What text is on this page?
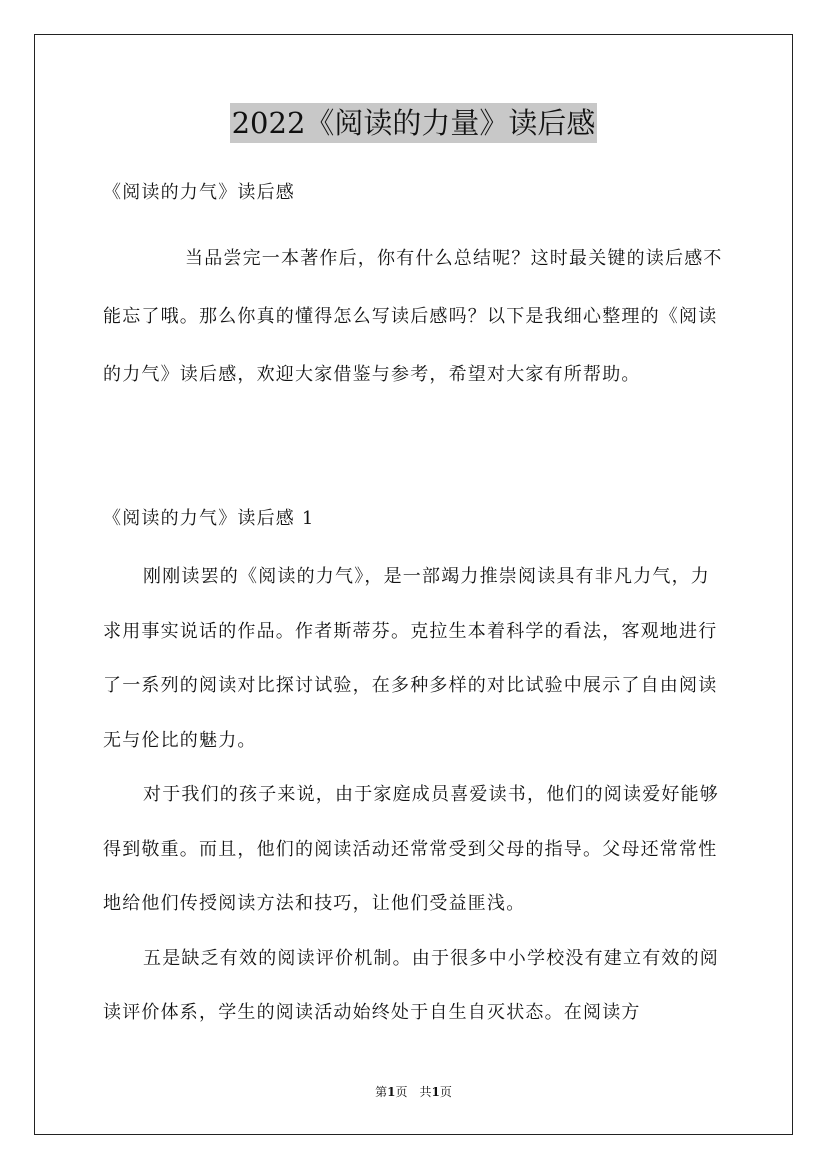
2022《阅读的力量》读后感
《阅读的力气》读后感
当品尝完一本著作后，你有什么总结呢？这时最关键的读后感不能忘了哦。那么你真的懂得怎么写读后感吗？以下是我细心整理的《阅读的力气》读后感，欢迎大家借鉴与参考，希望对大家有所帮助。
《阅读的力气》读后感 1

刚刚读罢的《阅读的力气》，是一部竭力推崇阅读具有非凡力气，力求用事实说话的作品。作者斯蒂芬。克拉生本着科学的看法，客观地进行了一系列的阅读对比探讨试验，在多种多样的对比试验中展示了自由阅读无与伦比的魅力。

对于我们的孩子来说，由于家庭成员喜爱读书，他们的阅读爱好能够得到敬重。而且，他们的阅读活动还常常受到父母的指导。父母还常常性地给他们传授阅读方法和技巧，让他们受益匪浅。

五是缺乏有效的阅读评价机制。由于很多中小学校没有建立有效的阅读评价体系，学生的阅读活动始终处于自生自灭状态。在阅读方

第1页　共1页
